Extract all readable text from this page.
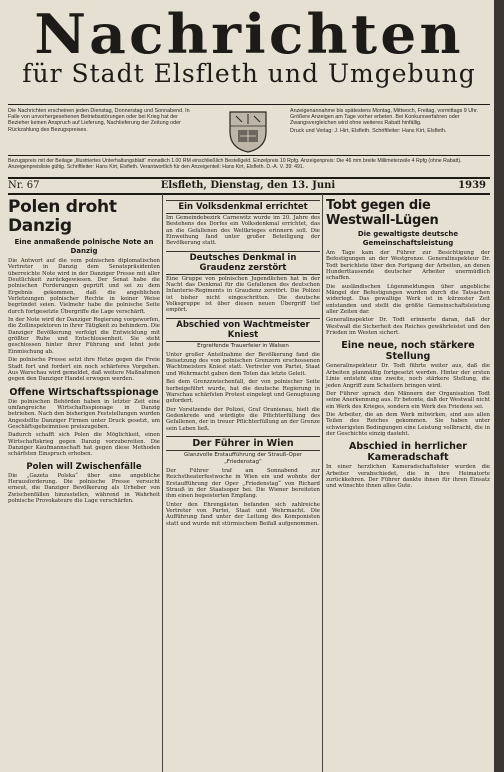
Nachrichten
für Stadt Elsfleth und Umgebung
Die Nachrichten erscheinen jeden Dienstag, Donnerstag und Sonnabend. In Falle von unvorhergesehenen Betriebsstörungen oder bei Krieg hat der Bezieher keinen Anspruch auf Lieferung, Nachlieferung der Zeitung oder Rückzahlung des Bezugspreises.
Anzeigenannahme bis spätestens Montag, Mittwoch, Freitag, vormittags 9 Uhr. Größere Anzeigen am Tage vorher erbeten. Bei Konkursverfahren oder Zwangsvergleichen wird ohne weiteres Rabatt hinfällig.
Druck und Verlag: J. Hirt, Elsfleth. Schriftleiter: Hans Kirt, Elsfleth.
Bezugspreis mit der Beilage „Illustriertes Unterhaltungsblatt“ monatlich 1.00 RM einschließlich Bestellgeld. Einzelpreis 10 Rpfg. Anzeigenpreis: Die 46 mm breite Millimeterzeile 4 Rpfg (ohne Rabatt). Anzeigenpreisliste gültig. Schriftleiter: Hans Kirt, Elsfleth. Verantwortlich für den Anzeigenteil: Hans Kirt, Elsfleth. D.-A. V. 39: 491.
Nr. 67	Elsfleth, Dienstag, den 13. Juni	1939
Polen droht Danzig
Eine anmaßende polnische Note an Danzig

Die Antwort auf die vom polnischen diplomatischen Vertreter in Danzig dem Senatspräsidenten überreichte Note wird in der Danziger Presse mit aller Deutlichkeit zurückgewiesen. Der Senat habe die polnischen Forderungen geprüft und sei zu dem Ergebnis gekommen, daß die angeblichen Verletzungen polnischer Rechte in keiner Weise begründet seien. Vielmehr habe die polnische Seite durch fortgesetzte Übergriffe die Lage verschärft.

In der Note wird der Danziger Regierung vorgeworfen, die Zollinspektoren in ihrer Tätigkeit zu behindern. Die Danziger Bevölkerung verfolgt die Entwicklung mit größter Ruhe und Entschlossenheit. Sie steht geschlossen hinter ihrer Führung und lehnt jede Einmischung ab.

Die polnische Presse setzt ihre Hetze gegen die Freie Stadt fort und fordert ein noch schärferes Vorgehen. Aus Warschau wird gemeldet, daß weitere Maßnahmen gegen den Danziger Handel erwogen werden.

Offene Wirtschaftsspionage

Die polnischen Behörden haben in letzter Zeit eine umfangreiche Wirtschaftsspionage in Danzig betrieben. Nach den bisherigen Feststellungen wurden Angestellte Danziger Firmen unter Druck gesetzt, um Geschäftsgeheimnisse preiszugeben.

Dadurch schafft sich Polen die Möglichkeit, einen Wirtschaftskrieg gegen Danzig vorzubereiten. Die Danziger Kaufmannschaft hat gegen diese Methoden schärfsten Einspruch erhoben.

Polen will Zwischenfälle

Die „Gazeta Polska“ über eine angebliche Herausforderung. Die polnische Presse versucht erneut, die Danziger Bevölkerung als Urheber von Zwischenfällen hinzustellen, während in Wahrheit polnische Provokateure die Lage verschärfen.

Ein Volksdenkmal errichtet

Im Gemeindebezirk Carnewitz wurde im 20. Jahre des Bestehens des Dorfes ein Volksdenkmal errichtet, das an die Gefallenen des Weltkrieges erinnern soll. Die Einweihung fand unter großer Beteiligung der Bevölkerung statt.

Deutsches Denkmal in Graudenz zerstört

Eine Gruppe von polnischen Jugendlichen hat in der Nacht das Denkmal für die Gefallenen des deutschen Infanterie-Regiments in Graudenz zerstört. Die Polizei ist bisher nicht eingeschritten. Die deutsche Volksgruppe ist über diesen neuen Übergriff tief empört.

Abschied von Wachtmeister Kniest
Ergreifende Trauerfeier in Walsen

Unter großer Anteilnahme der Bevölkerung fand die Beisetzung des von polnischen Grenzern erschossenen Wachtmeisters Kniest statt. Vertreter von Partei, Staat und Wehrmacht gaben dem Toten das letzte Geleit.

Bei dem Grenzzwischenfall, der von polnischer Seite herbeigeführt wurde, hat die deutsche Regierung in Warschau schärfsten Protest eingelegt und Genugtuung gefordert.

Der Vorsitzende der Polizei, Graf Oranienau, hielt die Gedenkrede und würdigte die Pflichterfüllung des Gefallenen, der in treuer Pflichterfüllung an der Grenze sein Leben ließ.

Der Führer in Wien
Glanzvolle Erstaufführung der Strauß-Oper „Friedenstag“

Der Führer traf am Sonnabend zur Reichstheaterfestwoche in Wien ein und wohnte der Erstaufführung der Oper „Friedenstag“ von Richard Strauß in der Staatsoper bei. Die Wiener bereiteten ihm einen begeisterten Empfang.

Unter den Ehrengästen befanden sich zahlreiche Vertreter von Partei, Staat und Wehrmacht. Die Aufführung fand unter der Leitung des Komponisten statt und wurde mit stürmischem Beifall aufgenommen.

Tobt gegen die Westwall-Lügen
Die gewaltigste deutsche Gemeinschaftsleistung

Am Tage kam der Führer zur Besichtigung der Befestigungen an der Westgrenze. Generalinspekteur Dr. Todt berichtete über den Fortgang der Arbeiten, an denen Hunderttausende deutscher Arbeiter unermüdlich schaffen.

Die ausländischen Lügenmeldungen über angebliche Mängel der Befestigungen wurden durch die Tatsachen widerlegt. Das gewaltige Werk ist in kürzester Zeit entstanden und stellt die größte Gemeinschaftsleistung aller Zeiten dar.

Generalinspektor Dr. Todt erinnerte daran, daß der Westwall die Sicherheit des Reiches gewährleistet und den Frieden im Westen sichert.

Eine neue, noch stärkere Stellung

Generalinspekteur Dr. Todt führte weiter aus, daß die Arbeiten planmäßig fortgesetzt werden. Hinter der ersten Linie entsteht eine zweite, noch stärkere Stellung, die jeden Angriff zum Scheitern bringen wird.

Der Führer sprach den Männern der Organisation Todt seine Anerkennung aus. Er betonte, daß der Westwall nicht ein Werk des Krieges, sondern ein Werk des Friedens sei.

Die Arbeiter, die an dem Werk mitwirken, sind aus allen Teilen des Reiches gekommen. Sie haben unter schwierigsten Bedingungen eine Leistung vollbracht, die in der Geschichte einzig dasteht.

Abschied in herrlicher Kameradschaft

In einer herzlichen Kameradschaftsfeier wurden die Arbeiter verabschiedet, die in ihre Heimatorte zurückkehren. Der Führer dankte ihnen für ihren Einsatz und wünschte ihnen alles Gute.
